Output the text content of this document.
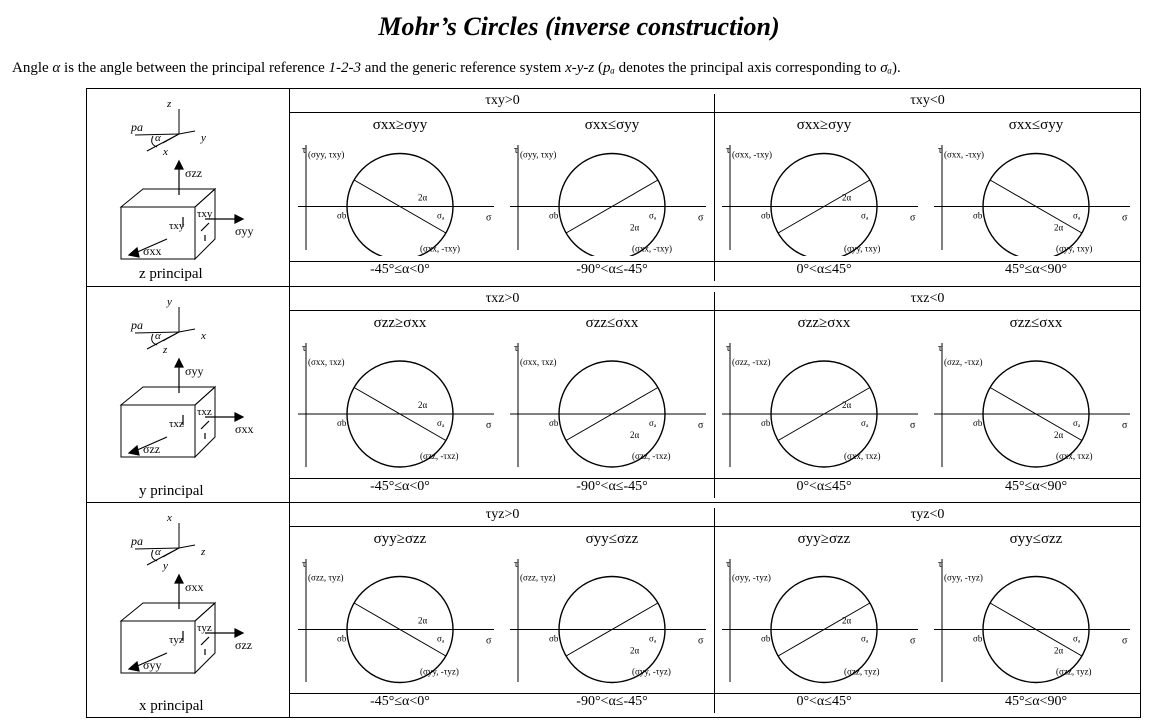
Mohr’s Circles (inverse construction)
Angle α is the angle between the principal reference 1-2-3 and the generic reference system x-y-z (pₐ denotes the principal axis corresponding to σₐ).
z
y
x
pa
α
σzz
τxy
τxy
σyy
σxx
z principal
τxy>0	τxy<0
σxx≥σyy
τ
σ
σₐ
σb
2α
(σyy, τxy)
(σxx, -τxy)
-45°≤α<0°
σxx≤σyy
τ
σ
σₐ
σb
2α
(σyy, τxy)
(σxx, -τxy)
-90°<α≤-45°
σxx≥σyy
τ
σ
σₐ
σb
2α
(σxx, -τxy)
(σyy, τxy)
0°<α≤45°
σxx≤σyy
τ
σ
σₐ
σb
2α
(σxx, -τxy)
(σyy, τxy)
45°≤α<90°
y
x
z
pa
α
σyy
τxz
τxz
σxx
σzz
y principal
τxz>0	τxz<0
σzz≥σxx
τ
σ
σₐ
σb
2α
(σxx, τxz)
(σzz, -τxz)
-45°≤α<0°
σzz≤σxx
τ
σ
σₐ
σb
2α
(σxx, τxz)
(σzz, -τxz)
-90°<α≤-45°
σzz≥σxx
τ
σ
σₐ
σb
2α
(σzz, -τxz)
(σxx, τxz)
0°<α≤45°
σzz≤σxx
τ
σ
σₐ
σb
2α
(σzz, -τxz)
(σxx, τxz)
45°≤α<90°
x
z
y
pa
α
σxx
τyz
τyz
σzz
σyy
x principal
τyz>0	τyz<0
σyy≥σzz
τ
σ
σₐ
σb
2α
(σzz, τyz)
(σyy, -τyz)
-45°≤α<0°
σyy≤σzz
τ
σ
σₐ
σb
2α
(σzz, τyz)
(σyy, -τyz)
-90°<α≤-45°
σyy≥σzz
τ
σ
σₐ
σb
2α
(σyy, -τyz)
(σzz, τyz)
0°<α≤45°
σyy≤σzz
τ
σ
σₐ
σb
2α
(σyy, -τyz)
(σzz, τyz)
45°≤α<90°
